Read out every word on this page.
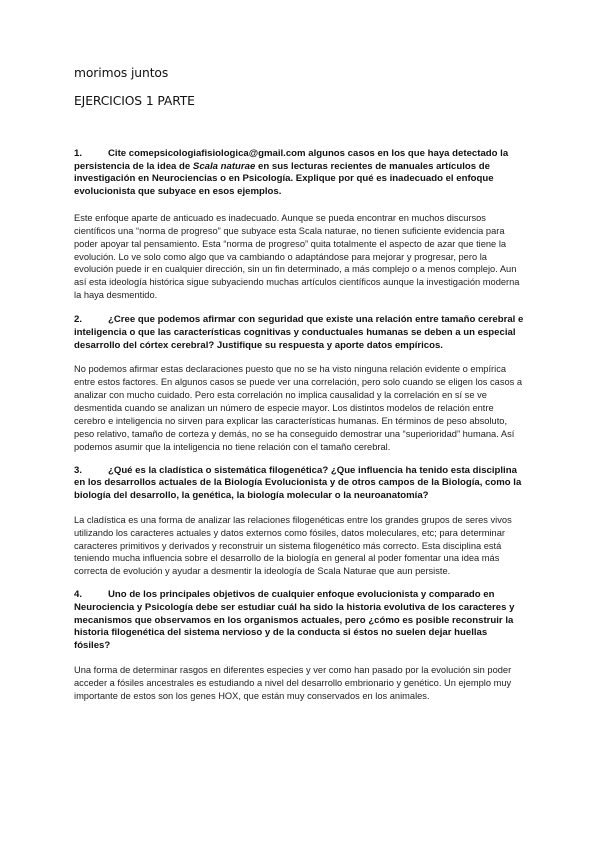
morimos juntos
EJERCICIOS 1 PARTE
1.	Cite comepsicologiafisiologica@gmail.com algunos casos en los que haya detectado la persistencia de la idea de Scala naturae en sus lecturas recientes de manuales artículos de investigación en Neurociencias o en Psicología. Explique por qué es inadecuado el enfoque evolucionista que subyace en esos ejemplos.

Este enfoque aparte de anticuado es inadecuado. Aunque se pueda encontrar en muchos discursos científicos una “norma de progreso” que subyace esta Scala naturae, no tienen suficiente evidencia para poder apoyar tal pensamiento. Esta “norma de progreso” quita totalmente el aspecto de azar que tiene la evolución. Lo ve solo como algo que va cambiando o adaptándose para mejorar y progresar, pero la evolución puede ir en cualquier dirección, sin un fin determinado, a más complejo o a menos complejo. Aun así esta ideología histórica sigue subyaciendo muchas artículos científicos aunque la investigación moderna la haya desmentido.

2.	¿Cree que podemos afirmar con seguridad que existe una relación entre tamaño cerebral e inteligencia o que las características cognitivas y conductuales humanas se deben a un especial desarrollo del córtex cerebral? Justifique su respuesta y aporte datos empíricos.

No podemos afirmar estas declaraciones puesto que no se ha visto ninguna relación evidente o empírica entre estos factores. En algunos casos se puede ver una correlación, pero solo cuando se eligen los casos a analizar con mucho cuidado. Pero esta correlación no implica causalidad y la correlación en sí se ve desmentida cuando se analizan un número de especie mayor. Los distintos modelos de relación entre cerebro e inteligencia no sirven para explicar las características humanas. En términos de peso absoluto, peso relativo, tamaño de corteza y demás, no se ha conseguido demostrar una “superioridad” humana. Así podemos asumir que la inteligencia no tiene relación con el tamaño cerebral.

3.	¿Qué es la cladística o sistemática filogenética? ¿Que influencia ha tenido esta disciplina en los desarrollos actuales de la Biología Evolucionista y de otros campos de la Biología, como la biología del desarrollo, la genética, la biología molecular o la neuroanatomía?

La cladística es una forma de analizar las relaciones filogenéticas entre los grandes grupos de seres vivos utilizando los caracteres actuales y datos externos como fósiles, datos moleculares, etc; para determinar caracteres primitivos y derivados y reconstruir un sistema filogenético más correcto. Esta disciplina está teniendo mucha influencia sobre el desarrollo de la biología en general al poder fomentar una idea más correcta de evolución y ayudar a desmentir la ideología de Scala Naturae que aun persiste.

4.	Uno de los principales objetivos de cualquier enfoque evolucionista y comparado en Neurociencia y Psicología debe ser estudiar cuál ha sido la historia evolutiva de los caracteres y mecanismos que observamos en los organismos actuales, pero ¿cómo es posible reconstruir la historia filogenética del sistema nervioso y de la conducta si éstos no suelen dejar huellas fósiles?

Una forma de determinar rasgos en diferentes especies y ver como han pasado por la evolución sin poder acceder a fósiles ancestrales es estudiando a nivel del desarrollo embrionario y genético. Un ejemplo muy importante de estos son los genes HOX, que están muy conservados en los animales.
